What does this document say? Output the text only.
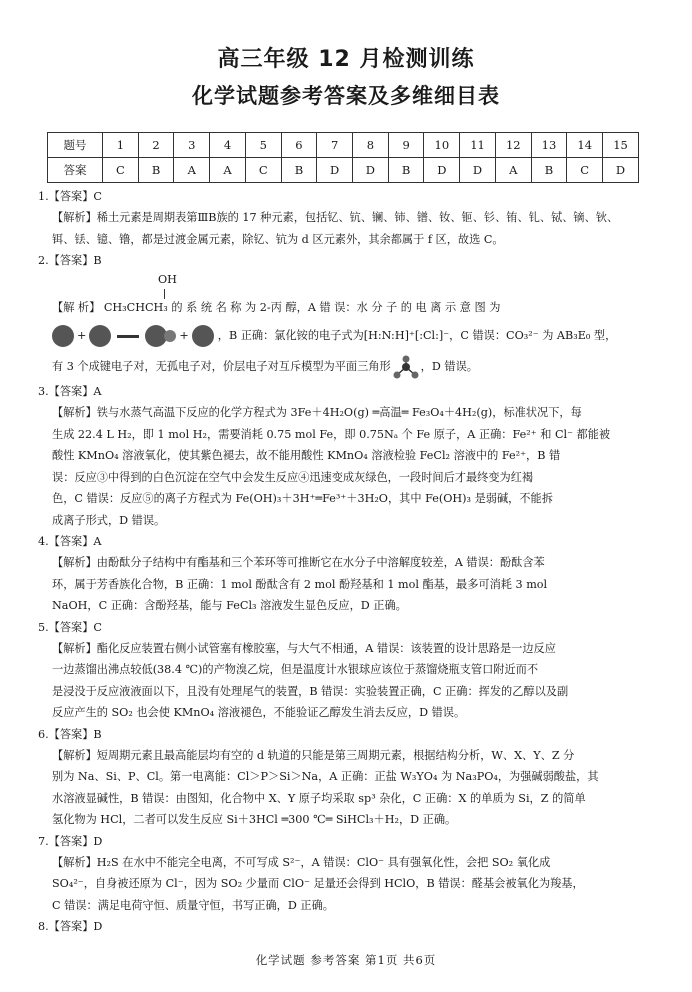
高三年级 12 月检测训练
化学试题参考答案及多维细目表
题号	1	2	3	4	5	6	7	8	9	10	11	12	13	14	15
答案	C	B	A	A	C	B	D	D	B	D	D	A	B	C	D
1.【答案】C
【解析】稀土元素是周期表第ⅢB族的 17 种元素，包括钇、钪、镧、铈、镨、钕、钷、钐、铕、钆、铽、镝、钬、
铒、铥、镱、镥，都是过渡金属元素，除钇、钪为 d 区元素外，其余都属于 f 区，故选 C。
2.【答案】B
OH
【解 析】 CH₃CHCH₃ 的 系 统 名 称 为 2-丙 醇，A 错 误：水 分 子 的 电 离 示 意 图 为
+	+	，B 正确：氯化铵的电子式为[H:N:H]⁺[:Cl:]⁻，C 错误：CO₃²⁻ 为 AB₃E₀ 型，
有 3 个成键电子对，无孤电子对，价层电子对互斥模型为平面三角形	，D 错误。
3.【答案】A
【解析】铁与水蒸气高温下反应的化学方程式为 3Fe＋4H₂O(g) ═高温═ Fe₃O₄＋4H₂(g)，标准状况下，每
生成 22.4 L H₂，即 1 mol H₂，需要消耗 0.75 mol Fe，即 0.75Nₐ 个 Fe 原子，A 正确：Fe²⁺ 和 Cl⁻ 都能被
酸性 KMnO₄ 溶液氧化，使其紫色褪去，故不能用酸性 KMnO₄ 溶液检验 FeCl₂ 溶液中的 Fe²⁺，B 错
误：反应③中得到的白色沉淀在空气中会发生反应④迅速变成灰绿色，一段时间后才最终变为红褐
色，C 错误：反应⑤的离子方程式为 Fe(OH)₃＋3H⁺═Fe³⁺＋3H₂O，其中 Fe(OH)₃ 是弱碱，不能拆
成离子形式，D 错误。
4.【答案】A
【解析】由酚酞分子结构中有酯基和三个苯环等可推断它在水分子中溶解度较差，A 错误：酚酞含苯
环，属于芳香族化合物，B 正确：1 mol 酚酞含有 2 mol 酚羟基和 1 mol 酯基，最多可消耗 3 mol
NaOH，C 正确：含酚羟基，能与 FeCl₃ 溶液发生显色反应，D 正确。
5.【答案】C
【解析】酯化反应装置右侧小试管塞有橡胶塞，与大气不相通，A 错误：该装置的设计思路是一边反应
一边蒸馏出沸点较低(38.4 ℃)的产物溴乙烷，但是温度计水银球应该位于蒸馏烧瓶支管口附近而不
是浸没于反应液液面以下，且没有处理尾气的装置，B 错误：实验装置正确，C 正确：挥发的乙醇以及副
反应产生的 SO₂ 也会使 KMnO₄ 溶液褪色，不能验证乙醇发生消去反应，D 错误。
6.【答案】B
【解析】短周期元素且最高能层均有空的 d 轨道的只能是第三周期元素，根据结构分析，W、X、Y、Z 分
别为 Na、Si、P、Cl。第一电离能：Cl＞P＞Si＞Na，A 正确：正盐 W₃YO₄ 为 Na₃PO₄，为强碱弱酸盐，其
水溶液显碱性，B 错误：由图知，化合物中 X、Y 原子均采取 sp³ 杂化，C 正确：X 的单质为 Si，Z 的简单
氢化物为 HCl，二者可以发生反应 Si＋3HCl ═300 ℃═ SiHCl₃＋H₂，D 正确。
7.【答案】D
【解析】H₂S 在水中不能完全电离，不可写成 S²⁻，A 错误：ClO⁻ 具有强氧化性，会把 SO₂ 氧化成
SO₄²⁻，自身被还原为 Cl⁻，因为 SO₂ 少量而 ClO⁻ 足量还会得到 HClO，B 错误：醛基会被氧化为羧基，
C 错误：满足电荷守恒、质量守恒，书写正确，D 正确。
8.【答案】D
化学试题 参考答案 第1页 共6页
